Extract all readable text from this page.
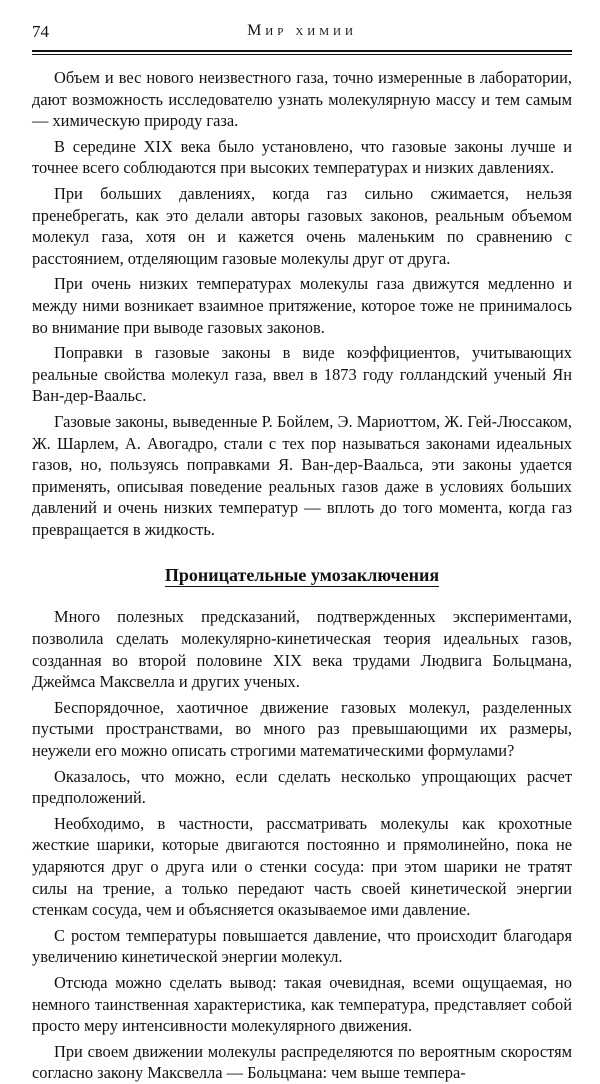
74	Мир химии

Объем и вес нового неизвестного газа, точно измеренные в лаборатории, дают возможность исследователю узнать молекулярную массу и тем самым — химическую природу газа.

В середине XIX века было установлено, что газовые законы лучше и точнее всего соблюдаются при высоких температурах и низких давлениях.

При больших давлениях, когда газ сильно сжимается, нельзя пренебрегать, как это делали авторы газовых законов, реальным объемом молекул газа, хотя он и кажется очень маленьким по сравнению с расстоянием, отделяющим газовые молекулы друг от друга.

При очень низких температурах молекулы газа движутся медленно и между ними возникает взаимное притяжение, которое тоже не принималось во внимание при выводе газовых законов.

Поправки в газовые законы в виде коэффициентов, учитывающих реальные свойства молекул газа, ввел в 1873 году голландский ученый Ян Ван-дер-Ваальс.

Газовые законы, выведенные Р. Бойлем, Э. Мариоттом, Ж. Гей-Люссаком, Ж. Шарлем, А. Авогадро, стали с тех пор называться законами идеальных газов, но, пользуясь поправками Я. Ван-дер-Ваальса, эти законы удается применять, описывая поведение реальных газов даже в условиях больших давлений и очень низких температур — вплоть до того момента, когда газ превращается в жидкость.

Проницательные умозаключения

Много полезных предсказаний, подтвержденных экспериментами, позволила сделать молекулярно-кинетическая теория идеальных газов, созданная во второй половине XIX века трудами Людвига Больцмана, Джеймса Максвелла и других ученых.

Беспорядочное, хаотичное движение газовых молекул, разделенных пустыми пространствами, во много раз превышающими их размеры, неужели его можно описать строгими математическими формулами?

Оказалось, что можно, если сделать несколько упрощающих расчет предположений.

Необходимо, в частности, рассматривать молекулы как крохотные жесткие шарики, которые двигаются постоянно и прямолинейно, пока не ударяются друг о друга или о стенки сосуда: при этом шарики не тратят силы на трение, а только передают часть своей кинетической энергии стенкам сосуда, чем и объясняется оказываемое ими давление.

С ростом температуры повышается давление, что происходит благодаря увеличению кинетической энергии молекул.

Отсюда можно сделать вывод: такая очевидная, всеми ощущаемая, но немного таинственная характеристика, как температура, представляет собой просто меру интенсивности молекулярного движения.

При своем движении молекулы распределяются по вероятным скоростям согласно закону Максвелла — Больцмана: чем выше темпера-
